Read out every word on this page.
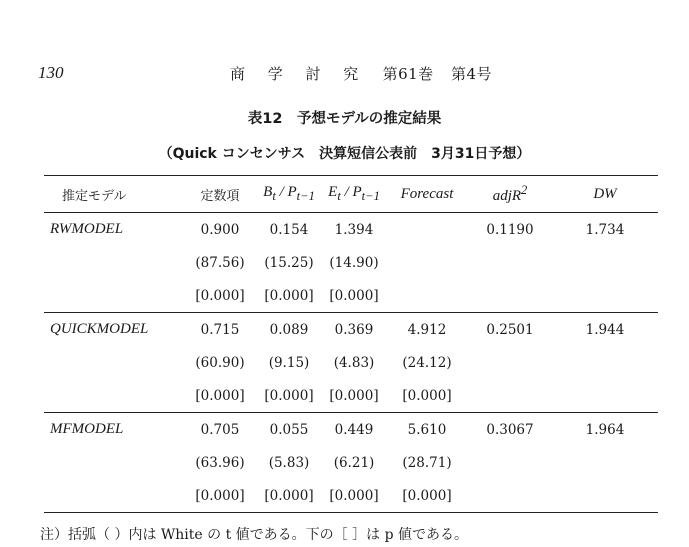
130	商 学 討 究 第61巻 第4号
表12　予想モデルの推定結果
（Quick コンセンサス　決算短信公表前　3月31日予想）
推定モデル	定数項	$B_t / P_{t-1}$	$E_t / P_{t-1}$	Forecast	adjR$^2$	DW
RWMODEL	0.900	0.154	1.394		0.1190	1.734
	(87.56)	(15.25)	(14.90)			
	[0.000]	[0.000]	[0.000]			
QUICKMODEL	0.715	0.089	0.369	4.912	0.2501	1.944
	(60.90)	(9.15)	(4.83)	(24.12)		
	[0.000]	[0.000]	[0.000]	[0.000]		
MFMODEL	0.705	0.055	0.449	5.610	0.3067	1.964
	(63.96)	(5.83)	(6.21)	(28.71)		
	[0.000]	[0.000]	[0.000]	[0.000]		
注）括弧（ ）内は White の t 値である。下の［ ］は p 値である。
